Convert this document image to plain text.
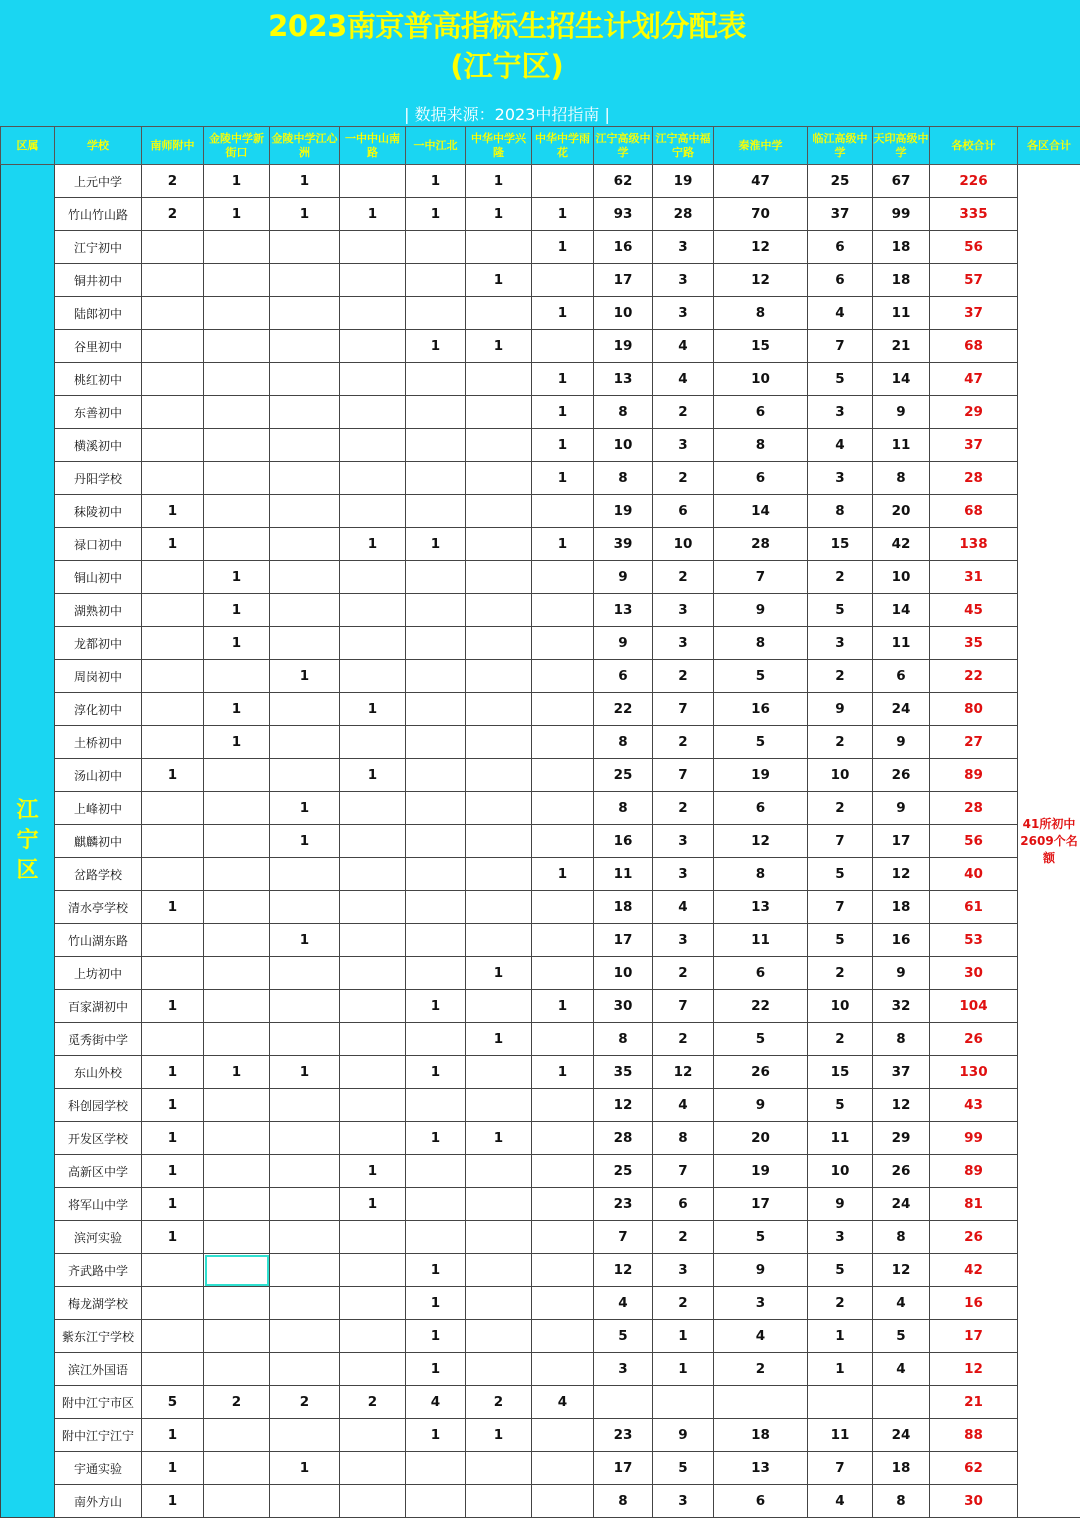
2023南京普高指标生招生计划分配表
(江宁区)
| 数据来源：2023中招指南 |
区属	学校	南师附中	金陵中学新街口	金陵中学江心洲	一中中山南路	一中江北	中华中学兴隆	中华中学雨花	江宁高级中学	江宁高中福宁路	秦淮中学	临江高级中学	天印高级中学	各校合计	各区合计
江
宁
区	上元中学	2	1	1		1	1		62	19	47	25	67	226	41所初中2609个名额
	竹山竹山路	2	1	1	1	1	1	1	93	28	70	37	99	335	
	江宁初中							1	16	3	12	6	18	56	
	铜井初中						1		17	3	12	6	18	57	
	陆郎初中							1	10	3	8	4	11	37	
	谷里初中					1	1		19	4	15	7	21	68	
	桃红初中							1	13	4	10	5	14	47	
	东善初中							1	8	2	6	3	9	29	
	横溪初中							1	10	3	8	4	11	37	
	丹阳学校							1	8	2	6	3	8	28	
	秣陵初中	1							19	6	14	8	20	68	
	禄口初中	1			1	1		1	39	10	28	15	42	138	
	铜山初中		1						9	2	7	2	10	31	
	湖熟初中		1						13	3	9	5	14	45	
	龙都初中		1						9	3	8	3	11	35	
	周岗初中			1					6	2	5	2	6	22	
	淳化初中		1		1				22	7	16	9	24	80	
	土桥初中		1						8	2	5	2	9	27	
	汤山初中	1			1				25	7	19	10	26	89	
	上峰初中			1					8	2	6	2	9	28	
	麒麟初中			1					16	3	12	7	17	56	
	岔路学校							1	11	3	8	5	12	40	
	清水亭学校	1							18	4	13	7	18	61	
	竹山湖东路			1					17	3	11	5	16	53	
	上坊初中						1		10	2	6	2	9	30	
	百家湖初中	1				1		1	30	7	22	10	32	104	
	觅秀街中学						1		8	2	5	2	8	26	
	东山外校	1	1	1		1		1	35	12	26	15	37	130	
	科创园学校	1							12	4	9	5	12	43	
	开发区学校	1				1	1		28	8	20	11	29	99	
	高新区中学	1			1				25	7	19	10	26	89	
	将军山中学	1			1				23	6	17	9	24	81	
	滨河实验	1							7	2	5	3	8	26	
	齐武路中学					1			12	3	9	5	12	42	
	梅龙湖学校					1			4	2	3	2	4	16	
	紫东江宁学校					1			5	1	4	1	5	17	
	滨江外国语					1			3	1	2	1	4	12	
	附中江宁市区	5	2	2	2	4	2	4						21	
	附中江宁江宁	1				1	1		23	9	18	11	24	88	
	宇通实验	1		1					17	5	13	7	18	62	
	南外方山	1							8	3	6	4	8	30	
